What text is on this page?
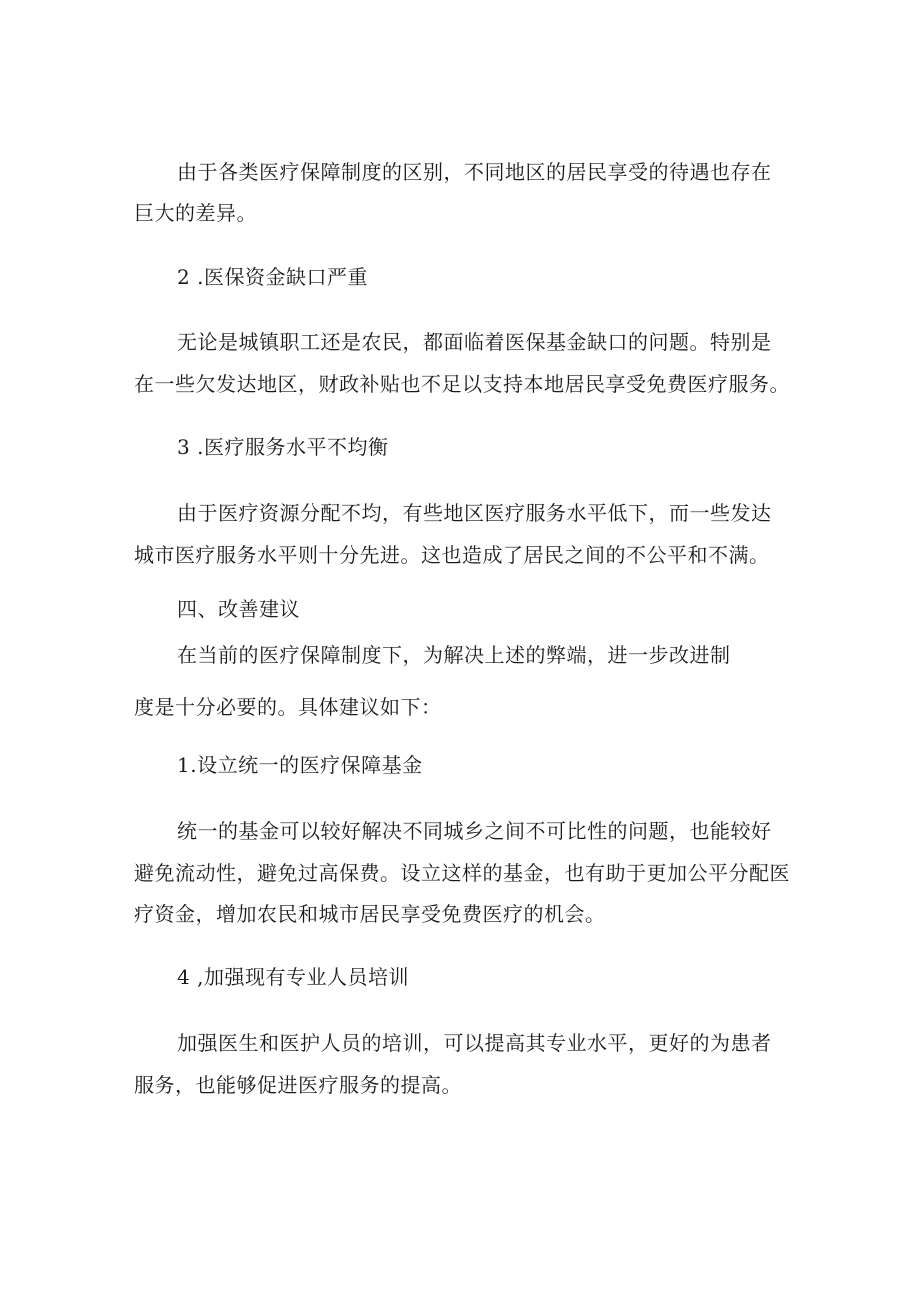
由于各类医疗保障制度的区别，不同地区的居民享受的待遇也存在

巨大的差异。

2 .医保资金缺口严重

无论是城镇职工还是农民，都面临着医保基金缺口的问题。特别是

在一些欠发达地区，财政补贴也不足以支持本地居民享受免费医疗服务。

3 .医疗服务水平不均衡

由于医疗资源分配不均，有些地区医疗服务水平低下，而一些发达

城市医疗服务水平则十分先进。这也造成了居民之间的不公平和不满。

四、改善建议

在当前的医疗保障制度下，为解决上述的弊端，进一步改进制

度是十分必要的。具体建议如下：

1.设立统一的医疗保障基金

统一的基金可以较好解决不同城乡之间不可比性的问题，也能较好

避免流动性，避免过高保费。设立这样的基金，也有助于更加公平分配医

疗资金，增加农民和城市居民享受免费医疗的机会。

4 ,加强现有专业人员培训

加强医生和医护人员的培训，可以提高其专业水平，更好的为患者

服务，也能够促进医疗服务的提高。
